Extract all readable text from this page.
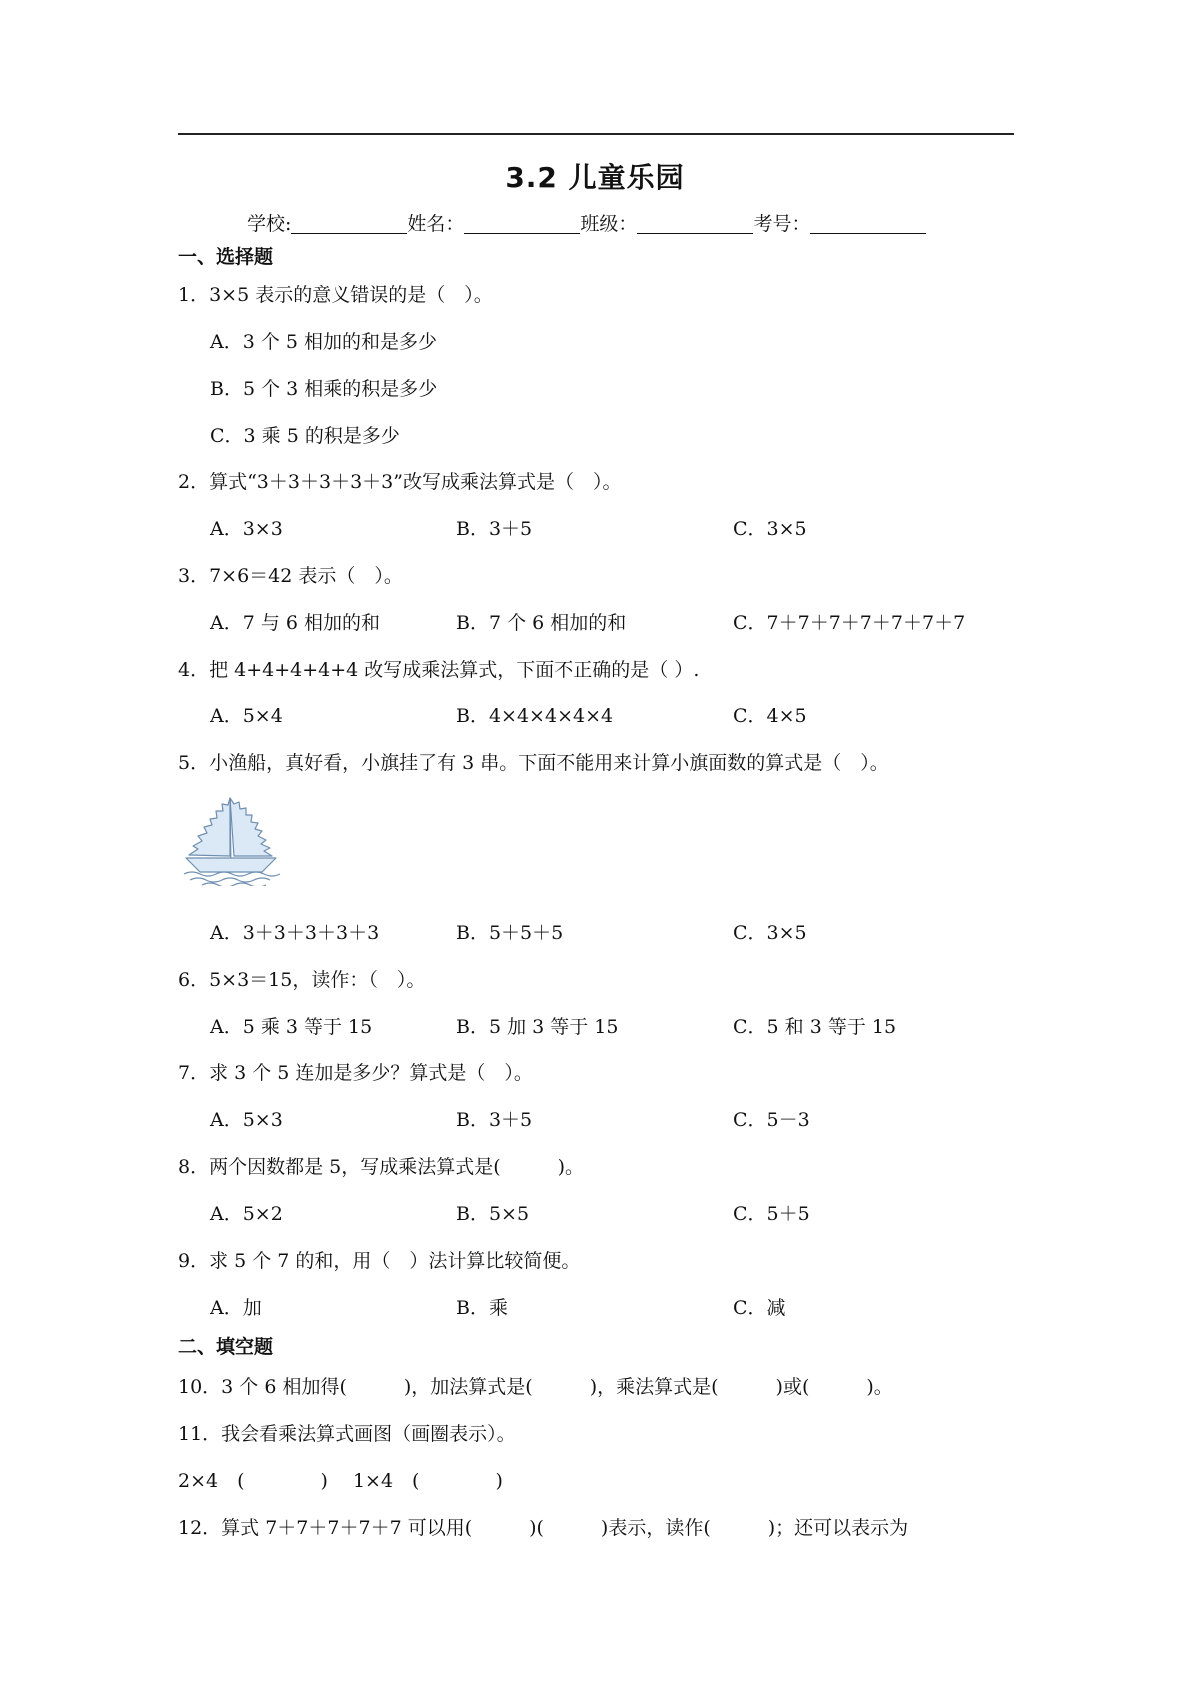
3.2 儿童乐园
学校:	姓名：	班级：	考号：
一、选择题
1．3×5 表示的意义错误的是（　）。
A．3 个 5 相加的和是多少
B．5 个 3 相乘的积是多少
C．3 乘 5 的积是多少
2．算式“3＋3＋3＋3＋3”改写成乘法算式是（　）。
A．3×3	B．3＋5	C．3×5
3．7×6＝42 表示（　）。
A．7 与 6 相加的和	B．7 个 6 相加的和	C．7＋7＋7＋7＋7＋7＋7
4．把 4+4+4+4+4 改写成乘法算式，下面不正确的是（ ）.
A．5×4	B．4×4×4×4×4	C．4×5
5．小渔船，真好看，小旗挂了有 3 串。下面不能用来计算小旗面数的算式是（　）。
A．3＋3＋3＋3＋3	B．5＋5＋5	C．3×5
6．5×3＝15，读作：（　）。
A．5 乘 3 等于 15	B．5 加 3 等于 15	C．5 和 3 等于 15
7．求 3 个 5 连加是多少？算式是（　）。
A．5×3	B．3＋5	C．5－3
8．两个因数都是 5，写成乘法算式是(　　　)。
A．5×2	B．5×5	C．5＋5
9．求 5 个 7 的和，用（　）法计算比较简便。
A．加	B．乘	C．减
二、填空题
10．3 个 6 相加得(　　　)，加法算式是(　　　)，乘法算式是(　　　)或(　　　)。
11．我会看乘法算式画图（画圈表示）。
2×4　(　　　　)　 1×4　(　　　　)
12．算式 7＋7＋7＋7＋7 可以用(　　　)(　　　)表示，读作(　　　)；还可以表示为
